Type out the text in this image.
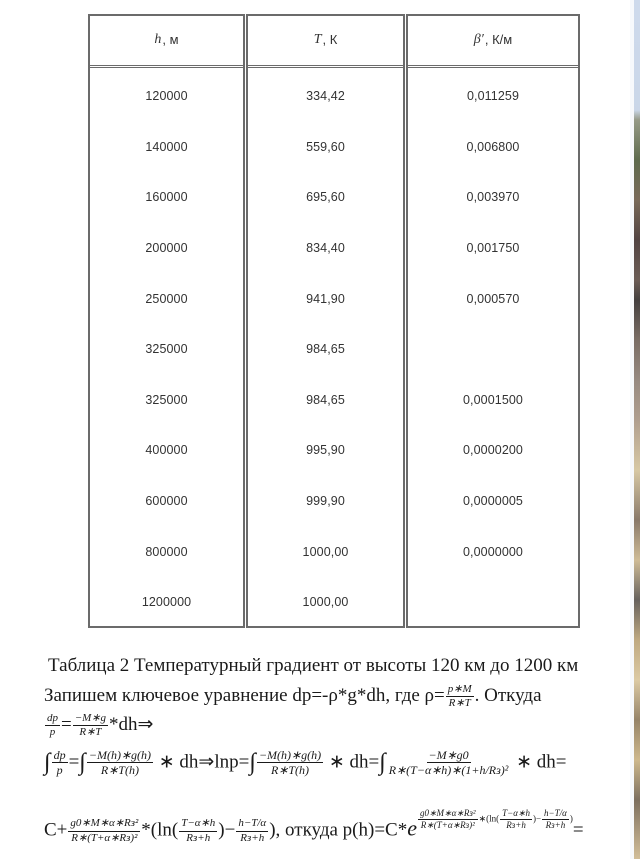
h , м
120000
140000
160000
200000
250000
325000
325000
400000
600000
800000
1200000
T , К
334,42
559,60
695,60
834,40
941,90
984,65
984,65
995,90
999,90
1000,00
1000,00
β′ , К/м
0,011259
0,006800
0,003970
0,001750
0,000570
0,0001500
0,0000200
0,0000005
0,0000000
Таблица 2 Температурный градиент от высоты 120 км до 1200 км
Запишем ключевое уравнение dp=-ρ*g*dh, где $\rho= \frac{p∗M}{R∗T}$ . Откуда
$\frac{dp}{p} = \frac{-M∗g}{R∗T}$ *dh⇒
∫ $\frac{dp}{p}$ =∫ $\frac{-M(h)∗g(h)}{R∗T(h)}$ ∗ dh⇒lnp=∫ $\frac{-M(h)∗g(h)}{R∗T(h)}$ ∗ $dh=\int \frac{-M∗g0}{\text{R∗(T−α∗h)∗(1+h/Rз)²}}$ ∗ dh=
$C+ \frac{\text{g0∗M∗α∗Rз²}}{\text{R∗(T+α∗Rз)²}} *(\ln( \frac{T-\alpha∗h}{Rз+h}$ )− $\frac{h-T/\alpha}{Rз+h}$ ), откуда $p(h)=C*e \frac{\text{g0∗M∗α∗Rз²}}{\text{R∗(T+α∗Rз)²}}$ ∗(ln( $\frac{T-\alpha∗h}{Rз+h}$ )− $\frac{h-T/\alpha}{Rз+h}$ )=
